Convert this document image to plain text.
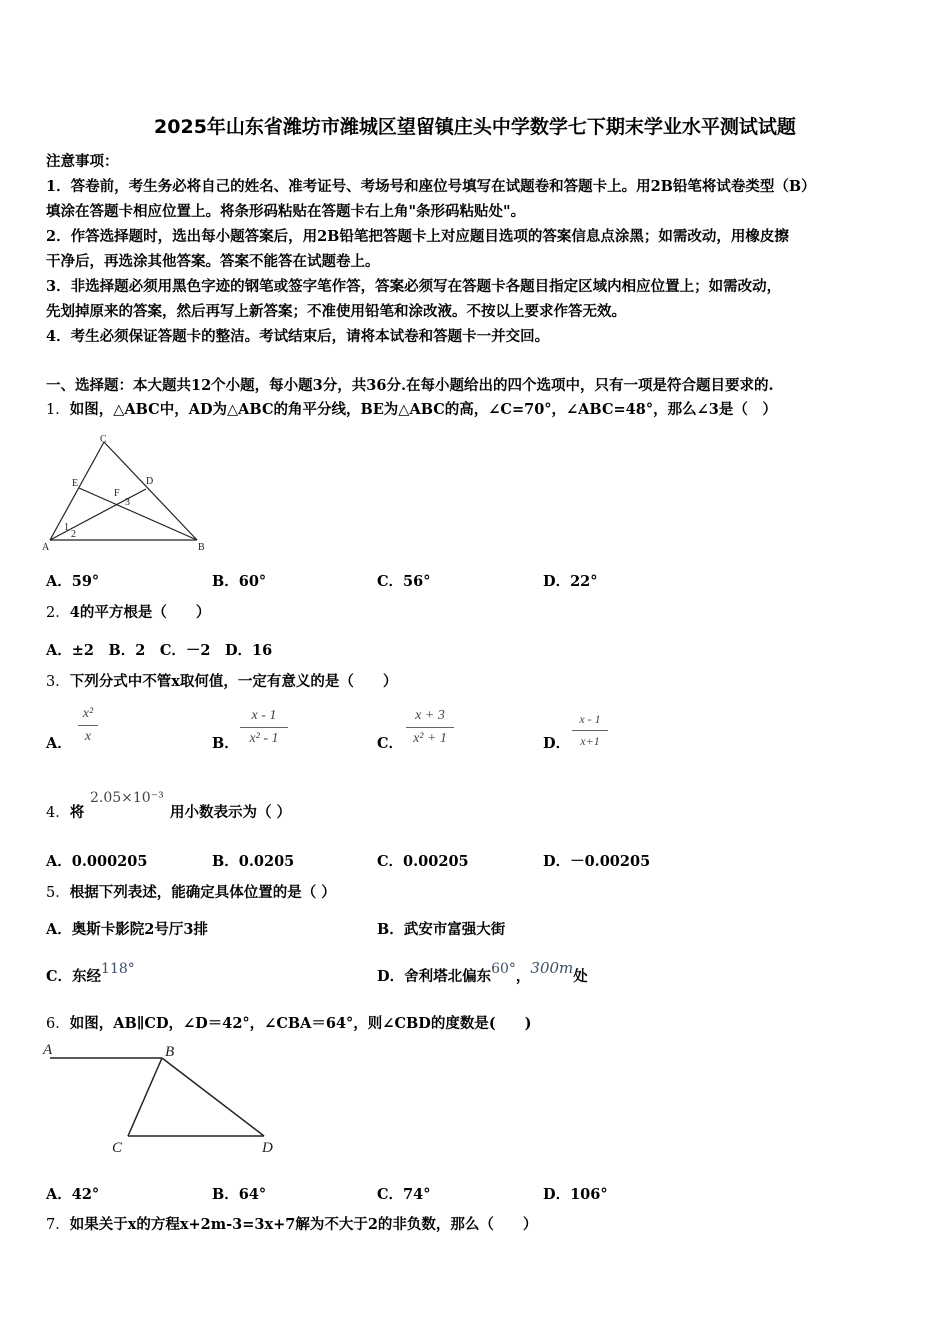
2025年山东省潍坊市潍城区望留镇庄头中学数学七下期末学业水平测试试题
注意事项：
1．答卷前，考生务必将自己的姓名、准考证号、考场号和座位号填写在试题卷和答题卡上。用2B铅笔将试卷类型（B）
填涂在答题卡相应位置上。将条形码粘贴在答题卡右上角"条形码粘贴处"。
2．作答选择题时，选出每小题答案后，用2B铅笔把答题卡上对应题目选项的答案信息点涂黑；如需改动，用橡皮擦
干净后，再选涂其他答案。答案不能答在试题卷上。
3．非选择题必须用黑色字迹的钢笔或签字笔作答，答案必须写在答题卡各题目指定区域内相应位置上；如需改动，
先划掉原来的答案，然后再写上新答案；不准使用铅笔和涂改液。不按以上要求作答无效。
4．考生必须保证答题卡的整洁。考试结束后，请将本试卷和答题卡一并交回。
一、选择题：本大题共12个小题，每小题3分，共36分.在每小题给出的四个选项中，只有一项是符合题目要求的.
1．如图，△ABC中，AD为△ABC的角平分线，BE为△ABC的高，∠C=70°，∠ABC=48°，那么∠3是（　）
C
A	B
D
E
F
3
1
2
A．59°	B．60°	C．56°	D．22°
2．4的平方根是（　　）
A．±2　B．2　C．－2　D．16
3．下列分式中不管x取何值，一定有意义的是（　　）
A．
x²
x	B．
x - 1
x² - 1	C．
x + 3
x² + 1	D．
x - 1
x+1
4．将
2.05×10⁻³
用小数表示为（ ）
A．0.000205	B．0.0205	C．0.00205	D．－0.00205
5．根据下列表述，能确定具体位置的是（ ）
A．奥斯卡影院2号厅3排	B．武安市富强大街
C．东经118°	D．舍利塔北偏东60°，300m处
6．如图，AB∥CD，∠D＝42°，∠CBA＝64°，则∠CBD的度数是(　　)
A	B
C	D
A．42°	B．64°	C．74°	D．106°
7．如果关于x的方程x+2m-3=3x+7解为不大于2的非负数，那么（　　）
